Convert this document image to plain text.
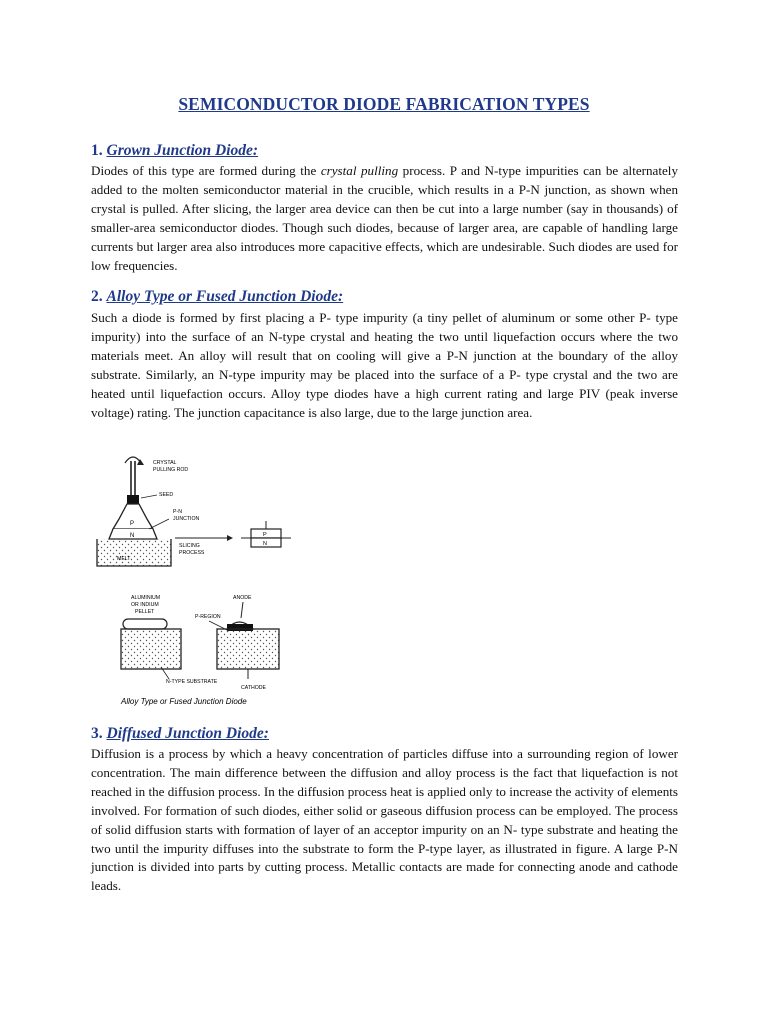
SEMICONDUCTOR DIODE FABRICATION TYPES
1. Grown Junction Diode:

Diodes of this type are formed during the crystal pulling process. P and N-type impurities can be alternately added to the molten semiconductor material in the crucible, which results in a P-N junction, as shown when crystal is pulled. After slicing, the larger area device can then be cut into a large number (say in thousands) of smaller-area semiconductor diodes. Though such diodes, because of larger area, are capable of handling large currents but larger area also introduces more capacitive effects, which are undesirable. Such diodes are used for low frequencies.

2. Alloy Type or Fused Junction Diode:

Such a diode is formed by first placing a P- type impurity (a tiny pellet of aluminum or some other P- type impurity) into the surface of an N-type crystal and heating the two until liquefaction occurs where the two materials meet. An alloy will result that on cooling will give a P-N junction at the boundary of the alloy substrate. Similarly, an N-type impurity may be placed into the surface of a P- type crystal and the two are heated until liquefaction occurs. Alloy type diodes have a high current rating and large PIV (peak inverse voltage) rating. The junction capacitance is also large, due to the large junction area.

P
N
CRYSTAL
PULLING ROD
SEED
P-N
JUNCTION
MELT
SLICING
PROCESS
P
N
ALUMINIUM
OR INDIUM
PELLET
ANODE
P-REGION
N-TYPE SUBSTRATE
CATHODE
Alloy Type or Fused Junction Diode
3. Diffused Junction Diode:

Diffusion is a process by which a heavy concentration of particles diffuse into a surrounding region of lower concentration. The main difference between the diffusion and alloy process is the fact that liquefaction is not reached in the diffusion process. In the diffusion process heat is applied only to increase the activity of elements involved. For formation of such diodes, either solid or gaseous diffusion process can be employed. The process of solid diffusion starts with formation of layer of an acceptor impurity on an N- type substrate and heating the two until the impurity diffuses into the substrate to form the P-type layer, as illustrated in figure. A large P-N junction is divided into parts by cutting process. Metallic contacts are made for connecting anode and cathode leads.
